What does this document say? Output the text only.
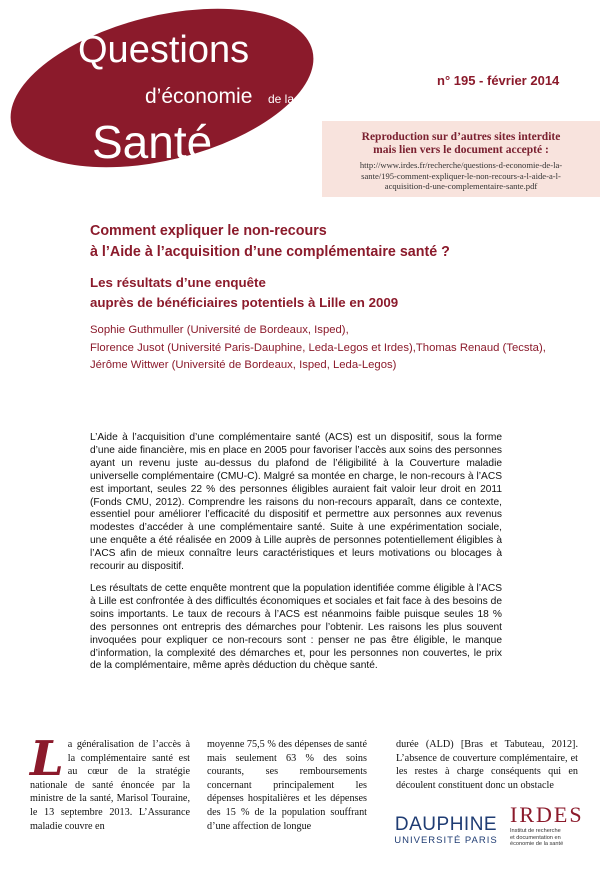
Questions
d’économie de la
Santé
n° 195 - février 2014
Reproduction sur d’autres sites interdite
mais lien vers le document accepté :
http://www.irdes.fr/recherche/questions-d-economie-de-la-
sante/195-comment-expliquer-le-non-recours-a-l-aide-a-l-
acquisition-d-une-complementaire-sante.pdf
Comment expliquer le non-recours
à l’Aide à l’acquisition d’une complémentaire santé ?
Les résultats d’une enquête
auprès de bénéficiaires potentiels à Lille en 2009
Sophie Guthmuller (Université de Bordeaux, Isped),
Florence Jusot (Université Paris-Dauphine, Leda-Legos et Irdes),Thomas Renaud (Tecsta),
Jérôme Wittwer (Université de Bordeaux, Isped, Leda-Legos)

L’Aide à l’acquisition d’une complémentaire santé (ACS) est un dispositif, sous la forme d’une aide financière, mis en place en 2005 pour favoriser l’accès aux soins des personnes ayant un revenu juste au-dessus du plafond de l’éligibilité à la Couverture maladie universelle complémentaire (CMU-C). Malgré sa montée en charge, le non-recours à l’ACS est important, seules 22 % des personnes éligibles auraient fait valoir leur droit en 2011 (Fonds CMU, 2012). Comprendre les raisons du non-recours apparaît, dans ce contexte, essentiel pour améliorer l’efficacité du dispositif et permettre aux personnes aux revenus modestes d’accéder à une complémentaire santé. Suite à une expérimentation sociale, une enquête a été réalisée en 2009 à Lille auprès de personnes potentiellement éligibles à l’ACS afin de mieux connaître leurs caractéristiques et leurs motivations ou blocages à recourir au dispositif.

Les résultats de cette enquête montrent que la population identifiée comme éligible à l’ACS à Lille est confrontée à des difficultés économiques et sociales et fait face à des besoins de soins importants. Le taux de recours à l’ACS est néanmoins faible puisque seules 18 % des personnes ont entrepris des démarches pour l’obtenir. Les raisons les plus souvent invoquées pour expliquer ce non-recours sont : penser ne pas être éligible, le manque d’information, la complexité des démarches et, pour les personnes non couvertes, le prix de la complémentaire, même après déduction du chèque santé.

La généralisation de l’accès à la complémentaire santé est au cœur de la stratégie nationale de santé énoncée par la ministre de la santé, Marisol Touraine, le 13 septembre 2013. L’Assurance maladie couvre en
moyenne 75,5 % des dépenses de santé mais seulement 63 % des soins courants, ses remboursements concernant principalement les dépenses hospitalières et les dépenses des 15 % de la population souffrant d’une affection de longue
durée (ALD) [Bras et Tabuteau, 2012]. L’absence de couverture complémentaire, et les restes à charge conséquents qui en découlent constituent donc un obstacle
DAUPHINE
UNIVERSITÉ PARIS
IRDES
Institut de recherche
et documentation en
économie de la santé
